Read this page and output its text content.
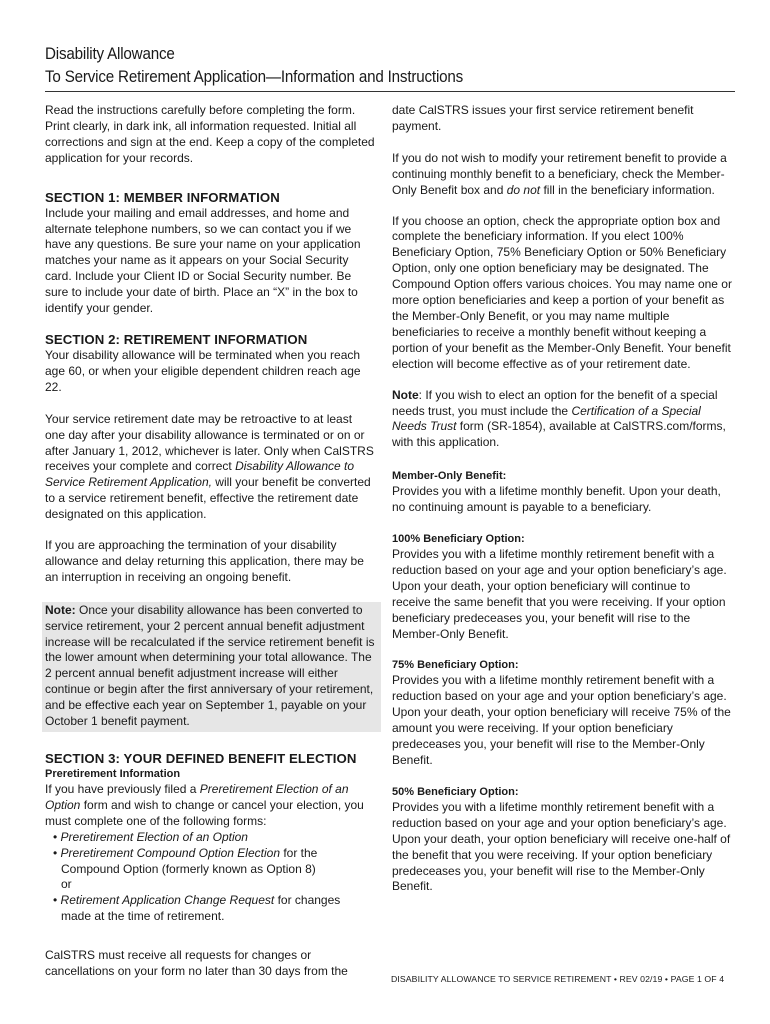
Disability Allowance
To Service Retirement Application—Information and Instructions

Read the instructions carefully before completing the form. Print clearly, in dark ink, all information requested. Initial all corrections and sign at the end. Keep a copy of the completed application for your records.

SECTION 1: MEMBER INFORMATION

Include your mailing and email addresses, and home and alternate telephone numbers, so we can contact you if we have any questions. Be sure your name on your application matches your name as it appears on your Social Security card. Include your Client ID or Social Security number. Be sure to include your date of birth. Place an “X” in the box to identify your gender.

SECTION 2: RETIREMENT INFORMATION

Your disability allowance will be terminated when you reach age 60, or when your eligible dependent children reach age 22.

Your service retirement date may be retroactive to at least one day after your disability allowance is terminated or on or after January 1, 2012, whichever is later. Only when CalSTRS receives your complete and correct Disability Allowance to Service Retirement Application, will your benefit be converted to a service retirement benefit, effective the retirement date designated on this application.

If you are approaching the termination of your disability allowance and delay returning this application, there may be an interruption in receiving an ongoing benefit.

Note: Once your disability allowance has been converted to service retirement, your 2 percent annual benefit adjustment increase will be recalculated if the service retirement benefit is the lower amount when determining your total allowance. The 2 percent annual benefit adjustment increase will either continue or begin after the first anniversary of your retirement, and be effective each year on September 1, payable on your October 1 benefit payment.
SECTION 3: YOUR DEFINED BENEFIT ELECTION
Preretirement Information

If you have previously filed a Preretirement Election of an Option form and wish to change or cancel your election, you must complete one of the following forms:

• Preretirement Election of an Option
• Preretirement Compound Option Election for the
Compound Option (formerly known as Option 8)
or
• Retirement Application Change Request for changes
made at the time of retirement.

CalSTRS must receive all requests for changes or cancellations on your form no later than 30 days from the

date CalSTRS issues your first service retirement benefit payment.

If you do not wish to modify your retirement benefit to provide a continuing monthly benefit to a beneficiary, check the Member-Only Benefit box and do not fill in the beneficiary information.

If you choose an option, check the appropriate option box and complete the beneficiary information. If you elect 100% Beneficiary Option, 75% Beneficiary Option or 50% Beneficiary Option, only one option beneficiary may be designated. The Compound Option offers various choices. You may name one or more option beneficiaries and keep a portion of your benefit as the Member-Only Benefit, or you may name multiple beneficiaries to receive a monthly benefit without keeping a portion of your benefit as the Member-Only Benefit. Your benefit election will become effective as of your retirement date.

Note: If you wish to elect an option for the benefit of a special needs trust, you must include the Certification of a Special Needs Trust form (SR-1854), available at CalSTRS.com/forms, with this application.

Member-Only Benefit:

Provides you with a lifetime monthly benefit. Upon your death, no continuing amount is payable to a beneficiary.

100% Beneficiary Option:

Provides you with a lifetime monthly retirement benefit with a reduction based on your age and your option beneficiary’s age. Upon your death, your option beneficiary will continue to receive the same benefit that you were receiving. If your option beneficiary predeceases you, your benefit will rise to the Member-Only Benefit.

75% Beneficiary Option:

Provides you with a lifetime monthly retirement benefit with a reduction based on your age and your option beneficiary’s age. Upon your death, your option beneficiary will receive 75% of the amount you were receiving. If your option beneficiary predeceases you, your benefit will rise to the Member-Only Benefit.

50% Beneficiary Option:

Provides you with a lifetime monthly retirement benefit with a reduction based on your age and your option beneficiary’s age. Upon your death, your option beneficiary will receive one-half of the benefit that you were receiving. If your option beneficiary predeceases you, your benefit will rise to the Member-Only Benefit.

DISABILITY ALLOWANCE TO SERVICE RETIREMENT • REV 02/19 • PAGE 1 OF 4
